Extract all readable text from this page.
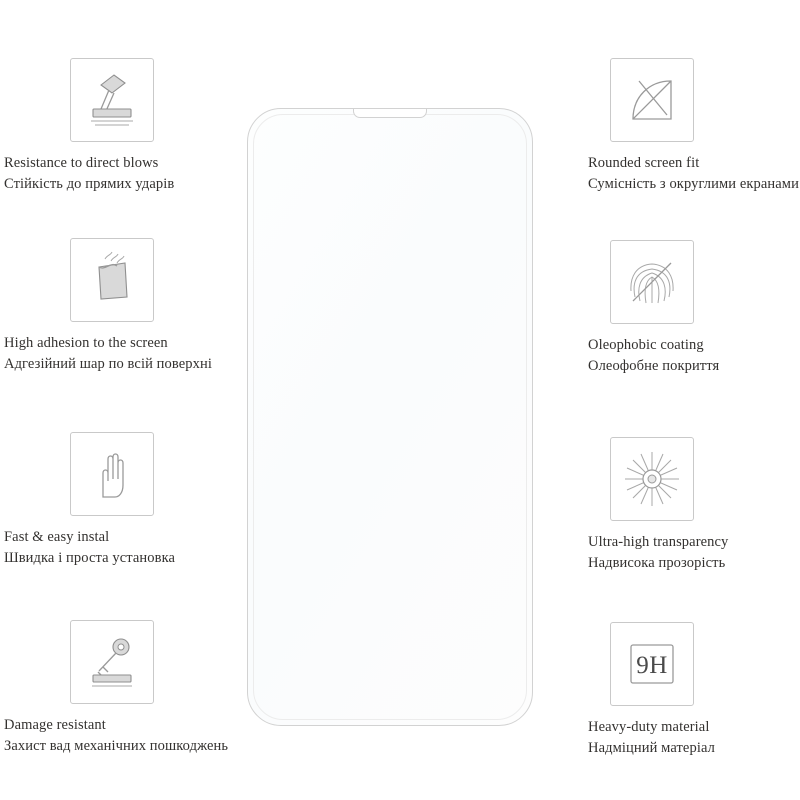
Resistance to direct blows
Стійкість до прямих ударів
High adhesion to the screen
Адгезійний шар по всій поверхні
Fast & easy instal
Швидка і проста установка
Damage resistant
Захист вад механічних пошкоджень
Rounded screen fit
Сумісність з округлими екранами
Oleophobic coating
Олеофобне покриття
Ultra-high transparency
Надвисока прозорість
9H
Heavy-duty material
Надміцний матеріал
